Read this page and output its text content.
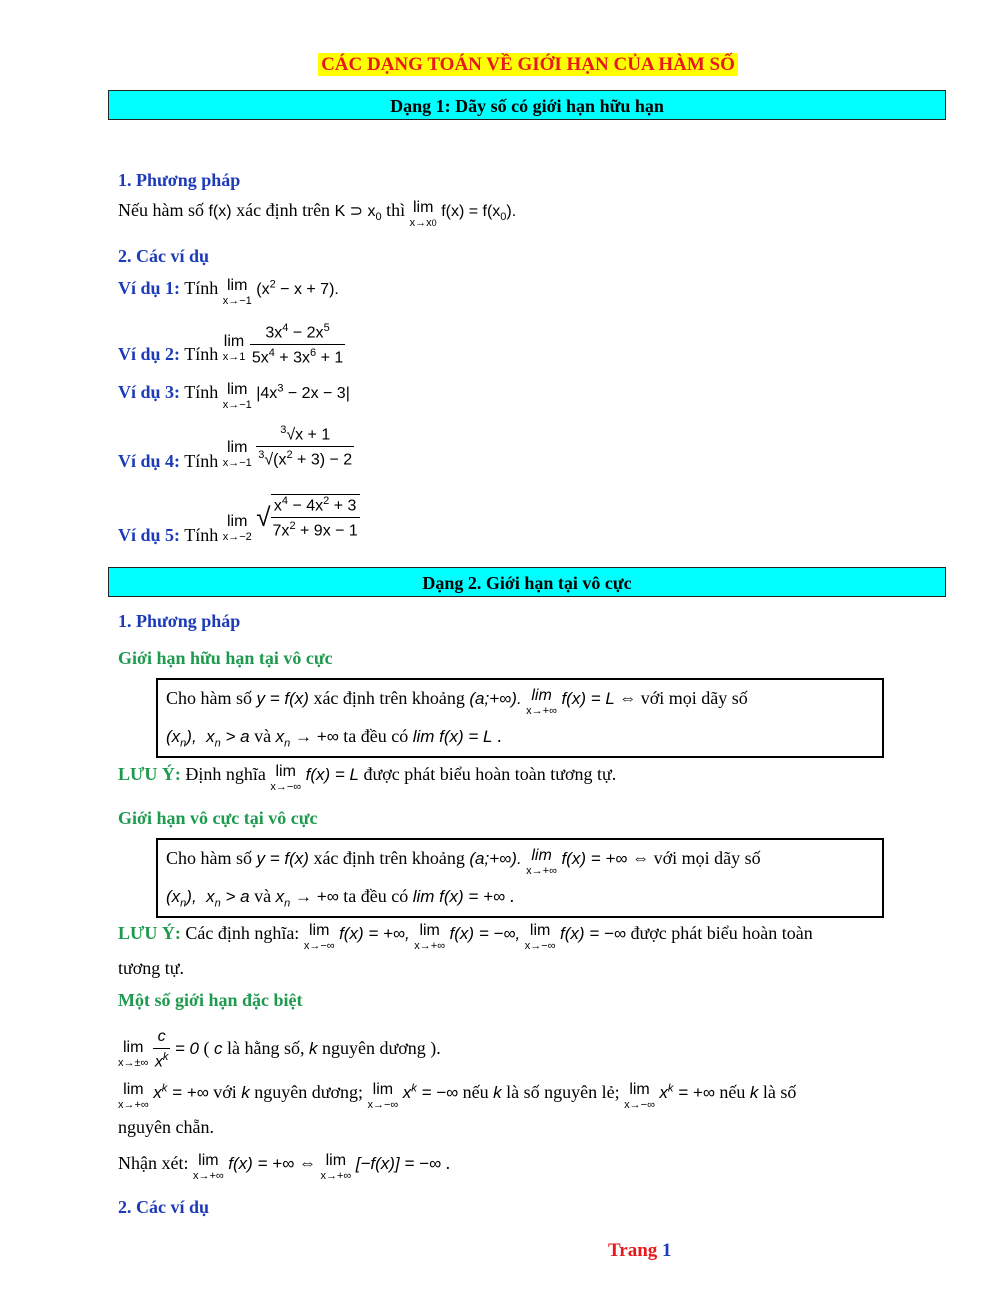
CÁC DẠNG TOÁN VỀ GIỚI HẠN CỦA HÀM SỐ
Dạng 1: Dãy số có giới hạn hữu hạn
1. Phương pháp
Nếu hàm số f(x) xác định trên K ⊃ $x_0$ thì lim
x→x0
$f(x) = f(x_0)$.
2. Các ví dụ
Ví dụ 1: Tính lim
x→−1
$(x^2 - x + 7)$.
Ví dụ 2: Tính
lim
x→1
$\frac{3x^4 - 2x^5}{5x^4 + 3x^6 + 1}$
Ví dụ 3: Tính lim
x→−1
$|4x^3 - 2x - 3|$
Ví dụ 4: Tính
lim
x→−1
$\frac{^3√x + 1}{^3√(x^2 + 3) - 2}$
Ví dụ 5: Tính
lim
x→−2
√ $\frac{x^4 - 4x^2 + 3}{7x^2 + 9x - 1}$
Dạng 2. Giới hạn tại vô cực
1. Phương pháp
Giới hạn hữu hạn tại vô cực
Cho hàm số y = f(x) xác định trên khoảng (a;+∞). lim
x→+∞
f(x) = L ⇔ với mọi dãy số
$(x_n)$,  $x_n > a$ và $x_n$ → +∞ ta đều có lim f(x) = L .
LƯU Ý: Định nghĩa lim
x→−∞
f(x) = L được phát biểu hoàn toàn tương tự.
Giới hạn vô cực tại vô cực
Cho hàm số y = f(x) xác định trên khoảng (a;+∞). lim
x→+∞
f(x) = +∞ ⇔ với mọi dãy số
$(x_n)$,  $x_n > a$ và $x_n$ → +∞ ta đều có lim f(x) = +∞ .
LƯU Ý: Các định nghĩa: lim
x→−∞
f(x) = +∞, lim
x→+∞
f(x) = −∞, lim
x→−∞
f(x) = −∞ được phát biểu hoàn toàn
tương tự.
Một số giới hạn đặc biệt
lim
x→±∞
$\frac{c}{x^k} = 0$ ( c là hằng số, k nguyên dương ).
lim
x→+∞
$x^k$ = +∞ với k nguyên dương; lim
x→−∞
$x^k$ = −∞ nếu k là số nguyên lẻ; lim
x→−∞
$x^k$ = +∞ nếu k là số
nguyên chẵn.
Nhận xét: lim
x→+∞
f(x) = +∞ ⇔ lim
x→+∞
[−f(x)] = −∞ .
2. Các ví dụ
Trang 1
